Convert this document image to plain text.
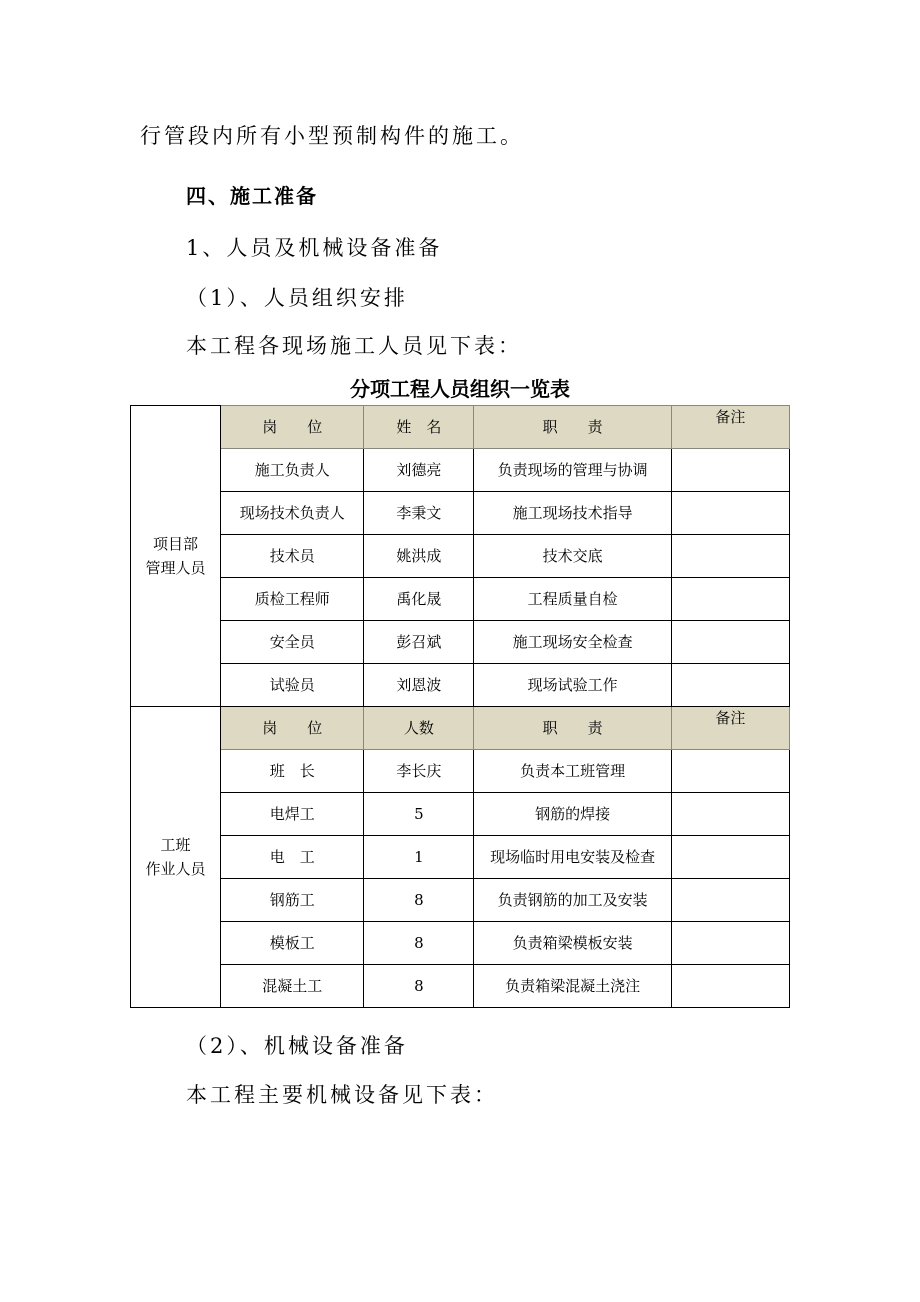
行管段内所有小型预制构件的施工。

四、施工准备

1、人员及机械设备准备

（1）、人员组织安排

本工程各现场施工人员见下表：

分项工程人员组织一览表

项目部
管理人员	岗　　位	姓　名	职　　责	备注
	施工负责人	刘德亮	负责现场的管理与协调	
	现场技术负责人	李秉文	施工现场技术指导	
	技术员	姚洪成	技术交底	
	质检工程师	禹化晟	工程质量自检	
	安全员	彭召斌	施工现场安全检查	
	试验员	刘恩波	现场试验工作	
工班
作业人员	岗　　位	人数	职　　责	备注
	班　长	李长庆	负责本工班管理	
	电焊工	5	钢筋的焊接	
	电　工	1	现场临时用电安装及检查	
	钢筋工	8	负责钢筋的加工及安装	
	模板工	8	负责箱梁模板安装	
	混凝土工	8	负责箱梁混凝土浇注	

（2）、机械设备准备

本工程主要机械设备见下表：
